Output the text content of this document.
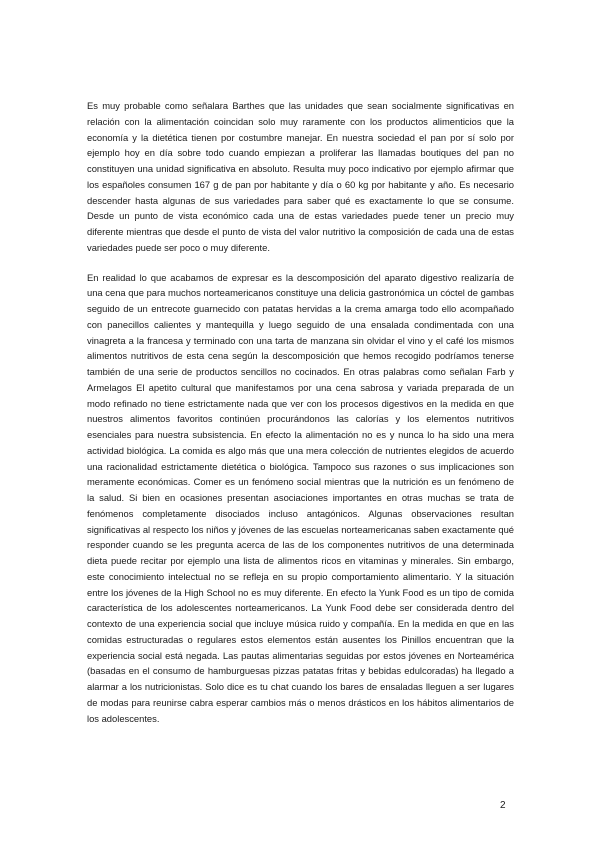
Es muy probable como señalara Barthes que las unidades que sean socialmente significativas en relación con la alimentación coincidan solo muy raramente con los productos alimenticios que la economía y la dietética tienen por costumbre manejar. En nuestra sociedad el pan por sí solo por ejemplo hoy en día sobre todo cuando empiezan a proliferar las llamadas boutiques del pan no constituyen una unidad significativa en absoluto. Resulta muy poco indicativo por ejemplo afirmar que los españoles consumen 167 g de pan por habitante y día o 60 kg por habitante y año. Es necesario descender hasta algunas de sus variedades para saber qué es exactamente lo que se consume. Desde un punto de vista económico cada una de estas variedades puede tener un precio muy diferente mientras que desde el punto de vista del valor nutritivo la composición de cada una de estas variedades puede ser poco o muy diferente.

En realidad lo que acabamos de expresar es la descomposición del aparato digestivo realizaría de una cena que para muchos norteamericanos constituye una delicia gastronómica un cóctel de gambas seguido de un entrecote guarnecido con patatas hervidas a la crema amarga todo ello acompañado con panecillos calientes y mantequilla y luego seguido de una ensalada condimentada con una vinagreta a la francesa y terminado con una tarta de manzana sin olvidar el vino y el café los mismos alimentos nutritivos de esta cena según la descomposición que hemos recogido podríamos tenerse también de una serie de productos sencillos no cocinados. En otras palabras como señalan Farb y Armelagos El apetito cultural que manifestamos por una cena sabrosa y variada preparada de un modo refinado no tiene estrictamente nada que ver con los procesos digestivos en la medida en que nuestros alimentos favoritos continúen procurándonos las calorías y los elementos nutritivos esenciales para nuestra subsistencia. En efecto la alimentación no es y nunca lo ha sido una mera actividad biológica. La comida es algo más que una mera colección de nutrientes elegidos de acuerdo una racionalidad estrictamente dietética o biológica. Tampoco sus razones o sus implicaciones son meramente económicas. Comer es un fenómeno social mientras que la nutrición es un fenómeno de la salud. Si bien en ocasiones presentan asociaciones importantes en otras muchas se trata de fenómenos completamente disociados incluso antagónicos. Algunas observaciones resultan significativas al respecto los niños y jóvenes de las escuelas norteamericanas saben exactamente qué responder cuando se les pregunta acerca de las de los componentes nutritivos de una determinada dieta puede recitar por ejemplo una lista de alimentos ricos en vitaminas y minerales. Sin embargo, este conocimiento intelectual no se refleja en su propio comportamiento alimentario. Y la situación entre los jóvenes de la High School no es muy diferente. En efecto la Yunk Food es un tipo de comida característica de los adolescentes norteamericanos. La Yunk Food debe ser considerada dentro del contexto de una experiencia social que incluye música ruido y compañía. En la medida en que en las comidas estructuradas o regulares estos elementos están ausentes los Pinillos encuentran que la experiencia social está negada. Las pautas alimentarias seguidas por estos jóvenes en Norteamérica (basadas en el consumo de hamburguesas pizzas patatas fritas y bebidas edulcoradas) ha llegado a alarmar a los nutricionistas. Solo dice es tu chat cuando los bares de ensaladas lleguen a ser lugares de modas para reunirse cabra esperar cambios más o menos drásticos en los hábitos alimentarios de los adolescentes.

2
